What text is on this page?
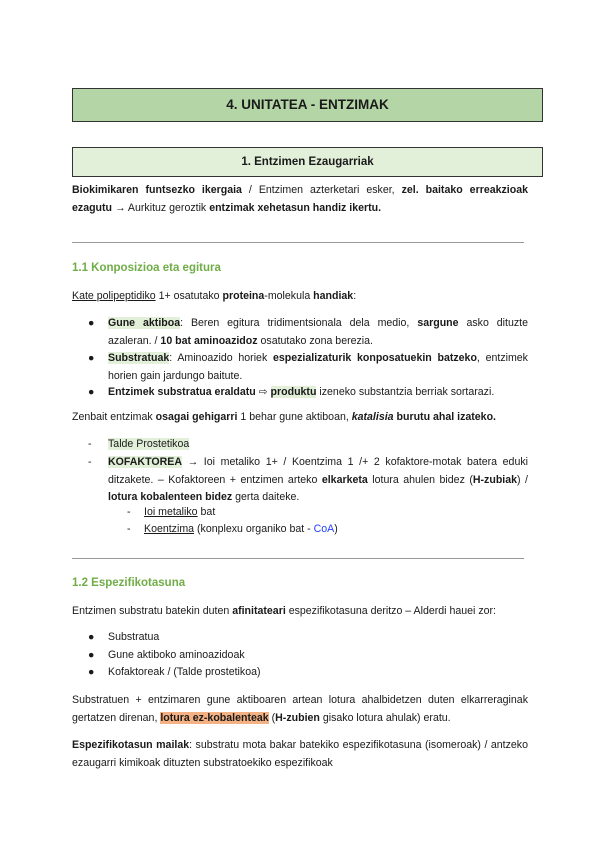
4. UNITATEA - ENTZIMAK
1. Entzimen Ezaugarriak
Biokimikaren funtsezko ikergaia / Entzimen azterketari esker, zel. baitako erreakzioak ezagutu → Aurkituz geroztik entzimak xehetasun handiz ikertu.
1.1 Konposizioa eta egitura
Kate polipeptidiko 1+ osatutako proteina-molekula handiak:
● Gune aktiboa: Beren egitura tridimentsionala dela medio, sargune asko dituzte azaleran. / 10 bat aminoazidoz osatutako zona berezia.
● Substratuak: Aminoazido horiek espezializaturik konposatuekin batzeko, entzimek horien gain jardungo baitute.
● Entzimek substratua eraldatu ⇨ produktu izeneko substantzia berriak sortarazi.
Zenbait entzimak osagai gehigarri 1 behar gune aktiboan, katalisia burutu ahal izateko.
- Talde Prostetikoa
- KOFAKTOREA → Ioi metaliko 1+ / Koentzima 1 /+ 2 kofaktore-motak batera eduki ditzakete. – Kofaktoreen + entzimen arteko elkarketa lotura ahulen bidez (H-zubiak) / lotura kobalenteen bidez gerta daiteke.
- Ioi metaliko bat
- Koentzima (konplexu organiko bat - CoA)
1.2 Espezifikotasuna
Entzimen substratu batekin duten afinitateari espezifikotasuna deritzo – Alderdi hauei zor:
● Substratua
● Gune aktiboko aminoazidoak
● Kofaktoreak / (Talde prostetikoa)
Substratuen + entzimaren gune aktiboaren artean lotura ahalbidetzen duten elkarreraginak gertatzen direnan, lotura ez-kobalenteak (H-zubien gisako lotura ahulak) eratu.
Espezifikotasun mailak: substratu mota bakar batekiko espezifikotasuna (isomeroak) / antzeko ezaugarri kimikoak dituzten substratoekiko espezifikoak
